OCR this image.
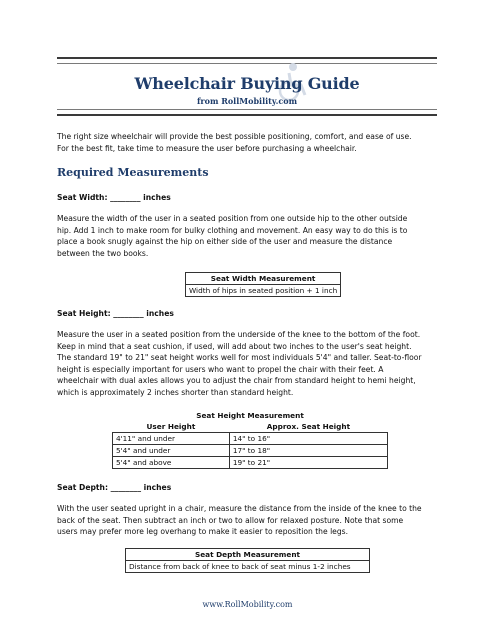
Wheelchair Buying Guide
from RollMobility.com
The right size wheelchair will provide the best possible positioning, comfort, and ease of use.
For the best fit, take time to measure the user before purchasing a wheelchair.
Required Measurements
Seat Width: ________ inches
Measure the width of the user in a seated position from one outside hip to the other outside
hip. Add 1 inch to make room for bulky clothing and movement. An easy way to do this is to
place a book snugly against the hip on either side of the user and measure the distance
between the two books.
Seat Width Measurement
Width of hips in seated position + 1 inch
Seat Height: ________ inches
Measure the user in a seated position from the underside of the knee to the bottom of the foot.
Keep in mind that a seat cushion, if used, will add about two inches to the user's seat height.
The standard 19" to 21" seat height works well for most individuals 5'4" and taller. Seat-to-floor
height is especially important for users who want to propel the chair with their feet. A
wheelchair with dual axles allows you to adjust the chair from standard height to hemi height,
which is approximately 2 inches shorter than standard height.
Seat Height Measurement	
User Height	Approx. Seat Height
4'11" and under	14" to 16"
5'4" and under	17" to 18"
5'4" and above	19" to 21"
Seat Depth: ________ inches
With the user seated upright in a chair, measure the distance from the inside of the knee to the
back of the seat. Then subtract an inch or two to allow for relaxed posture. Note that some
users may prefer more leg overhang to make it easier to reposition the legs.
Seat Depth Measurement
Distance from back of knee to back of seat minus 1-2 inches
www.RollMobility.com
